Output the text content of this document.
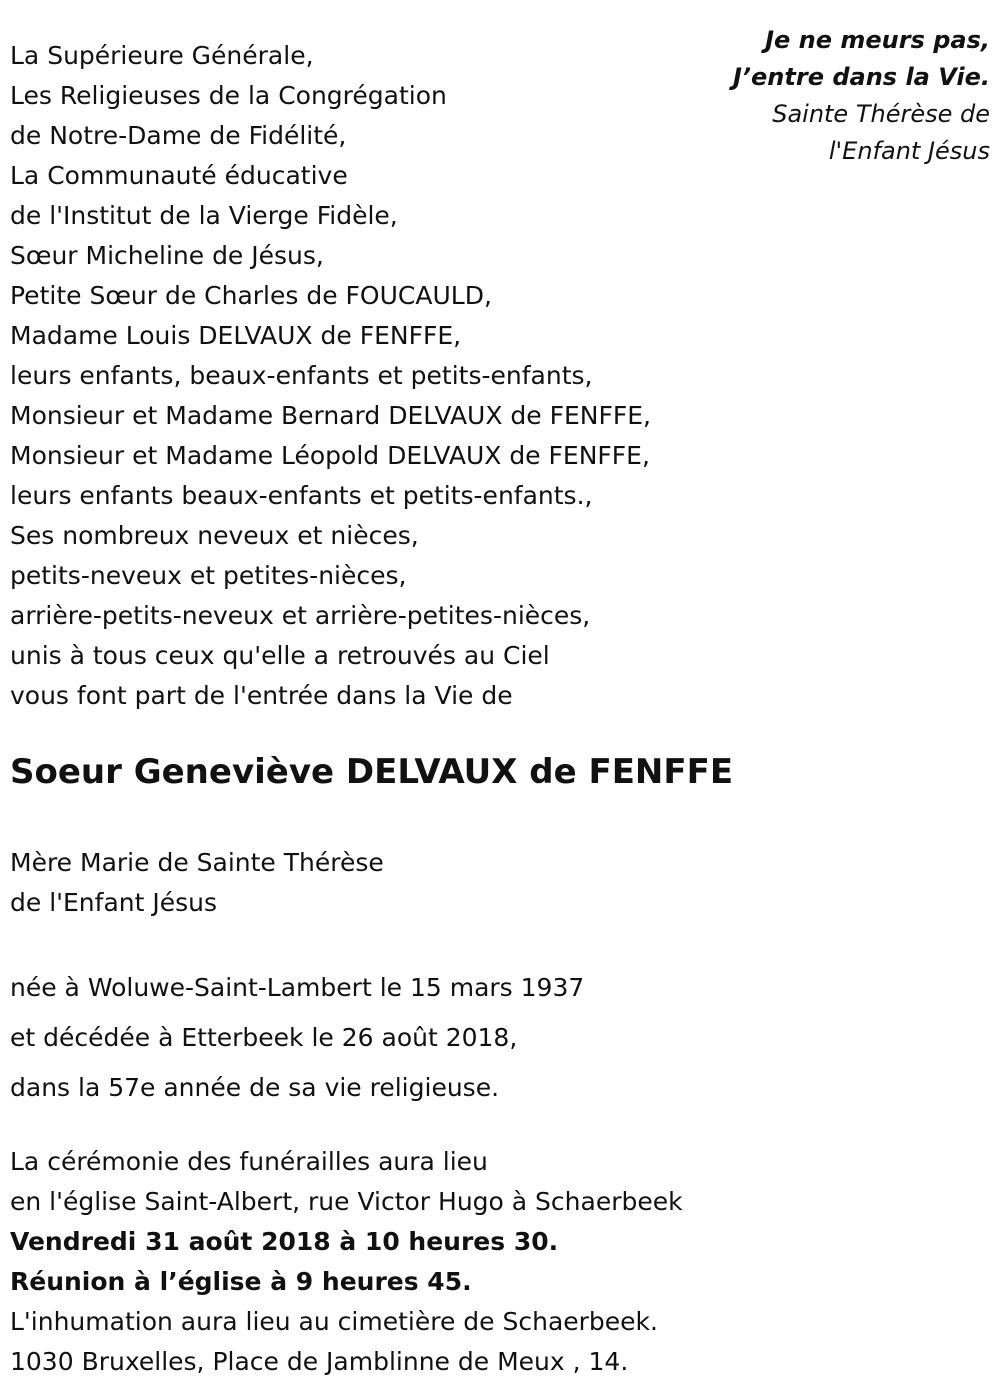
Je ne meurs pas,
J’entre dans la Vie.
Sainte Thérèse de
l'Enfant Jésus
La Supérieure Générale,
Les Religieuses de la Congrégation
de Notre-Dame de Fidélité,
La Communauté éducative
de l'Institut de la Vierge Fidèle,
Sœur Micheline de Jésus,
Petite Sœur de Charles de FOUCAULD,
Madame Louis DELVAUX de FENFFE,
leurs enfants, beaux-enfants et petits-enfants,
Monsieur et Madame Bernard DELVAUX de FENFFE,
Monsieur et Madame Léopold DELVAUX de FENFFE,
leurs enfants beaux-enfants et petits-enfants.,
Ses nombreux neveux et nièces,
petits-neveux et petites-nièces,
arrière-petits-neveux et arrière-petites-nièces,
unis à tous ceux qu'elle a retrouvés au Ciel
vous font part de l'entrée dans la Vie de
Soeur Geneviève DELVAUX de FENFFE
Mère Marie de Sainte Thérèse
de l'Enfant Jésus
née à Woluwe-Saint-Lambert le 15 mars 1937
et décédée à Etterbeek le 26 août 2018,
dans la 57e année de sa vie religieuse.
La cérémonie des funérailles aura lieu
en l'église Saint-Albert, rue Victor Hugo à Schaerbeek
Vendredi 31 août 2018 à 10 heures 30.
Réunion à l’église à 9 heures 45.
L'inhumation aura lieu au cimetière de Schaerbeek.
1030 Bruxelles, Place de Jamblinne de Meux , 14.
